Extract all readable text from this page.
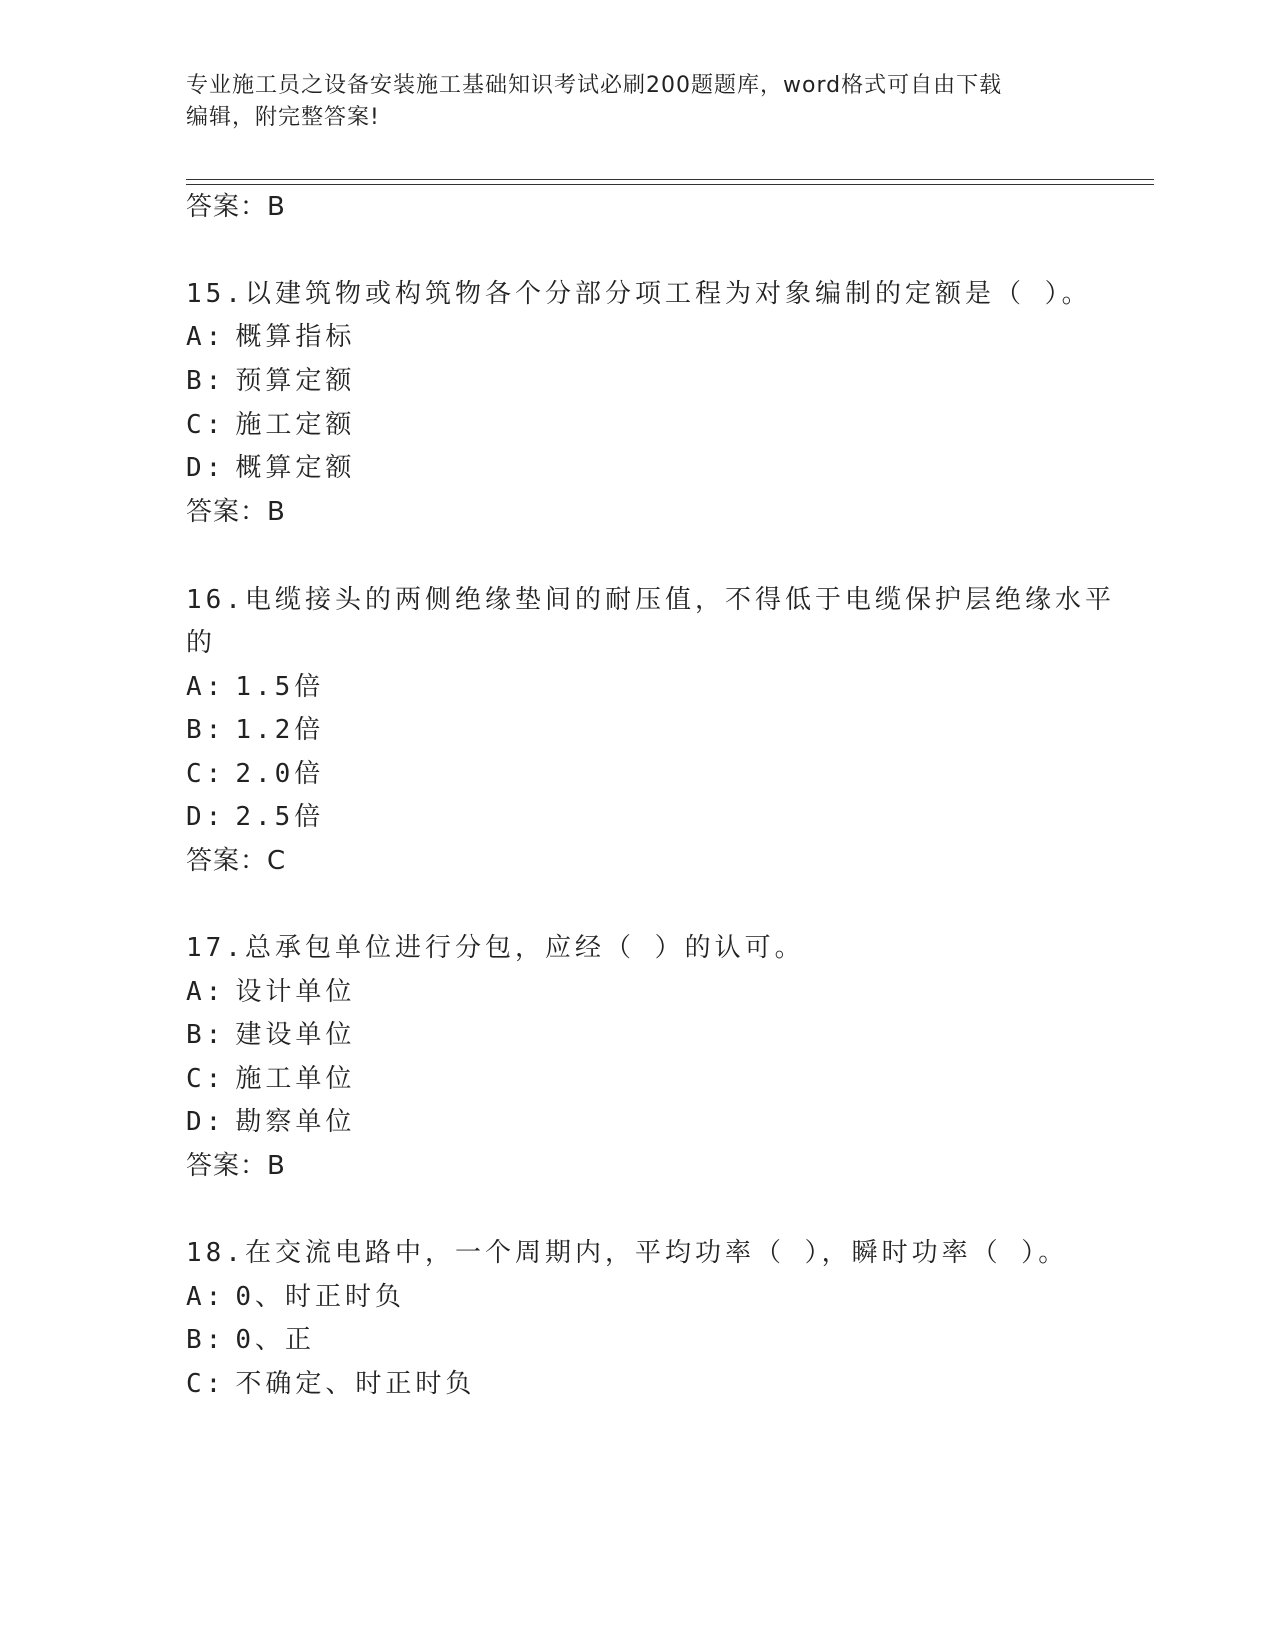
专业施工员之设备安装施工基础知识考试必刷200题题库，word格式可自由下载
编辑，附完整答案!
答案：B
15.以建筑物或构筑物各个分部分项工程为对象编制的定额是（ ）。
A: 概算指标
B: 预算定额
C: 施工定额
D: 概算定额
答案：B
16.电缆接头的两侧绝缘垫间的耐压值，不得低于电缆保护层绝缘水平
的
A: 1.5倍
B: 1.2倍
C: 2.0倍
D: 2.5倍
答案：C
17.总承包单位进行分包，应经（ ）的认可。
A: 设计单位
B: 建设单位
C: 施工单位
D: 勘察单位
答案：B
18.在交流电路中，一个周期内，平均功率（ ），瞬时功率（ ）。
A: 0、时正时负
B: 0、正
C: 不确定、时正时负
